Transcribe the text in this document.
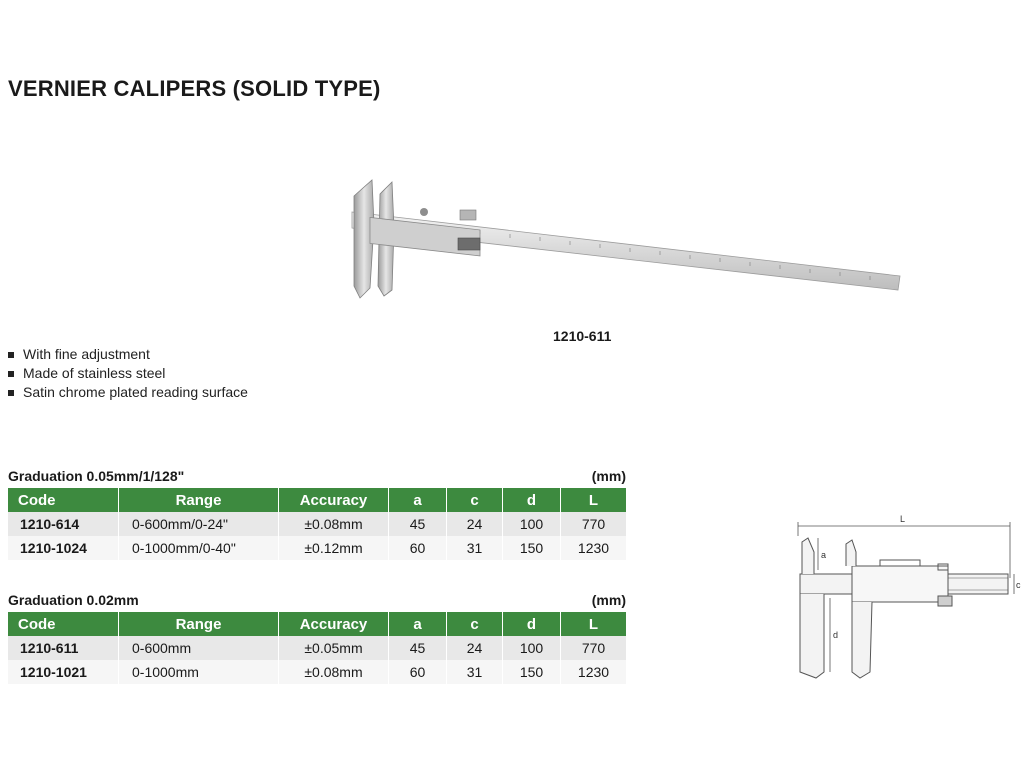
VERNIER CALIPERS (SOLID TYPE)
1210-611
With fine adjustment
Made of stainless steel
Satin chrome plated reading surface
Graduation 0.05mm/1/128"	(mm)
Code	Range	Accuracy	a	c	d	L
1210-614	0-600mm/0-24"	±0.08mm	45	24	100	770
1210-1024	0-1000mm/0-40"	±0.12mm	60	31	150	1230
Graduation 0.02mm	(mm)
Code	Range	Accuracy	a	c	d	L
1210-611	0-600mm	±0.05mm	45	24	100	770
1210-1021	0-1000mm	±0.08mm	60	31	150	1230
L
a
d
c
